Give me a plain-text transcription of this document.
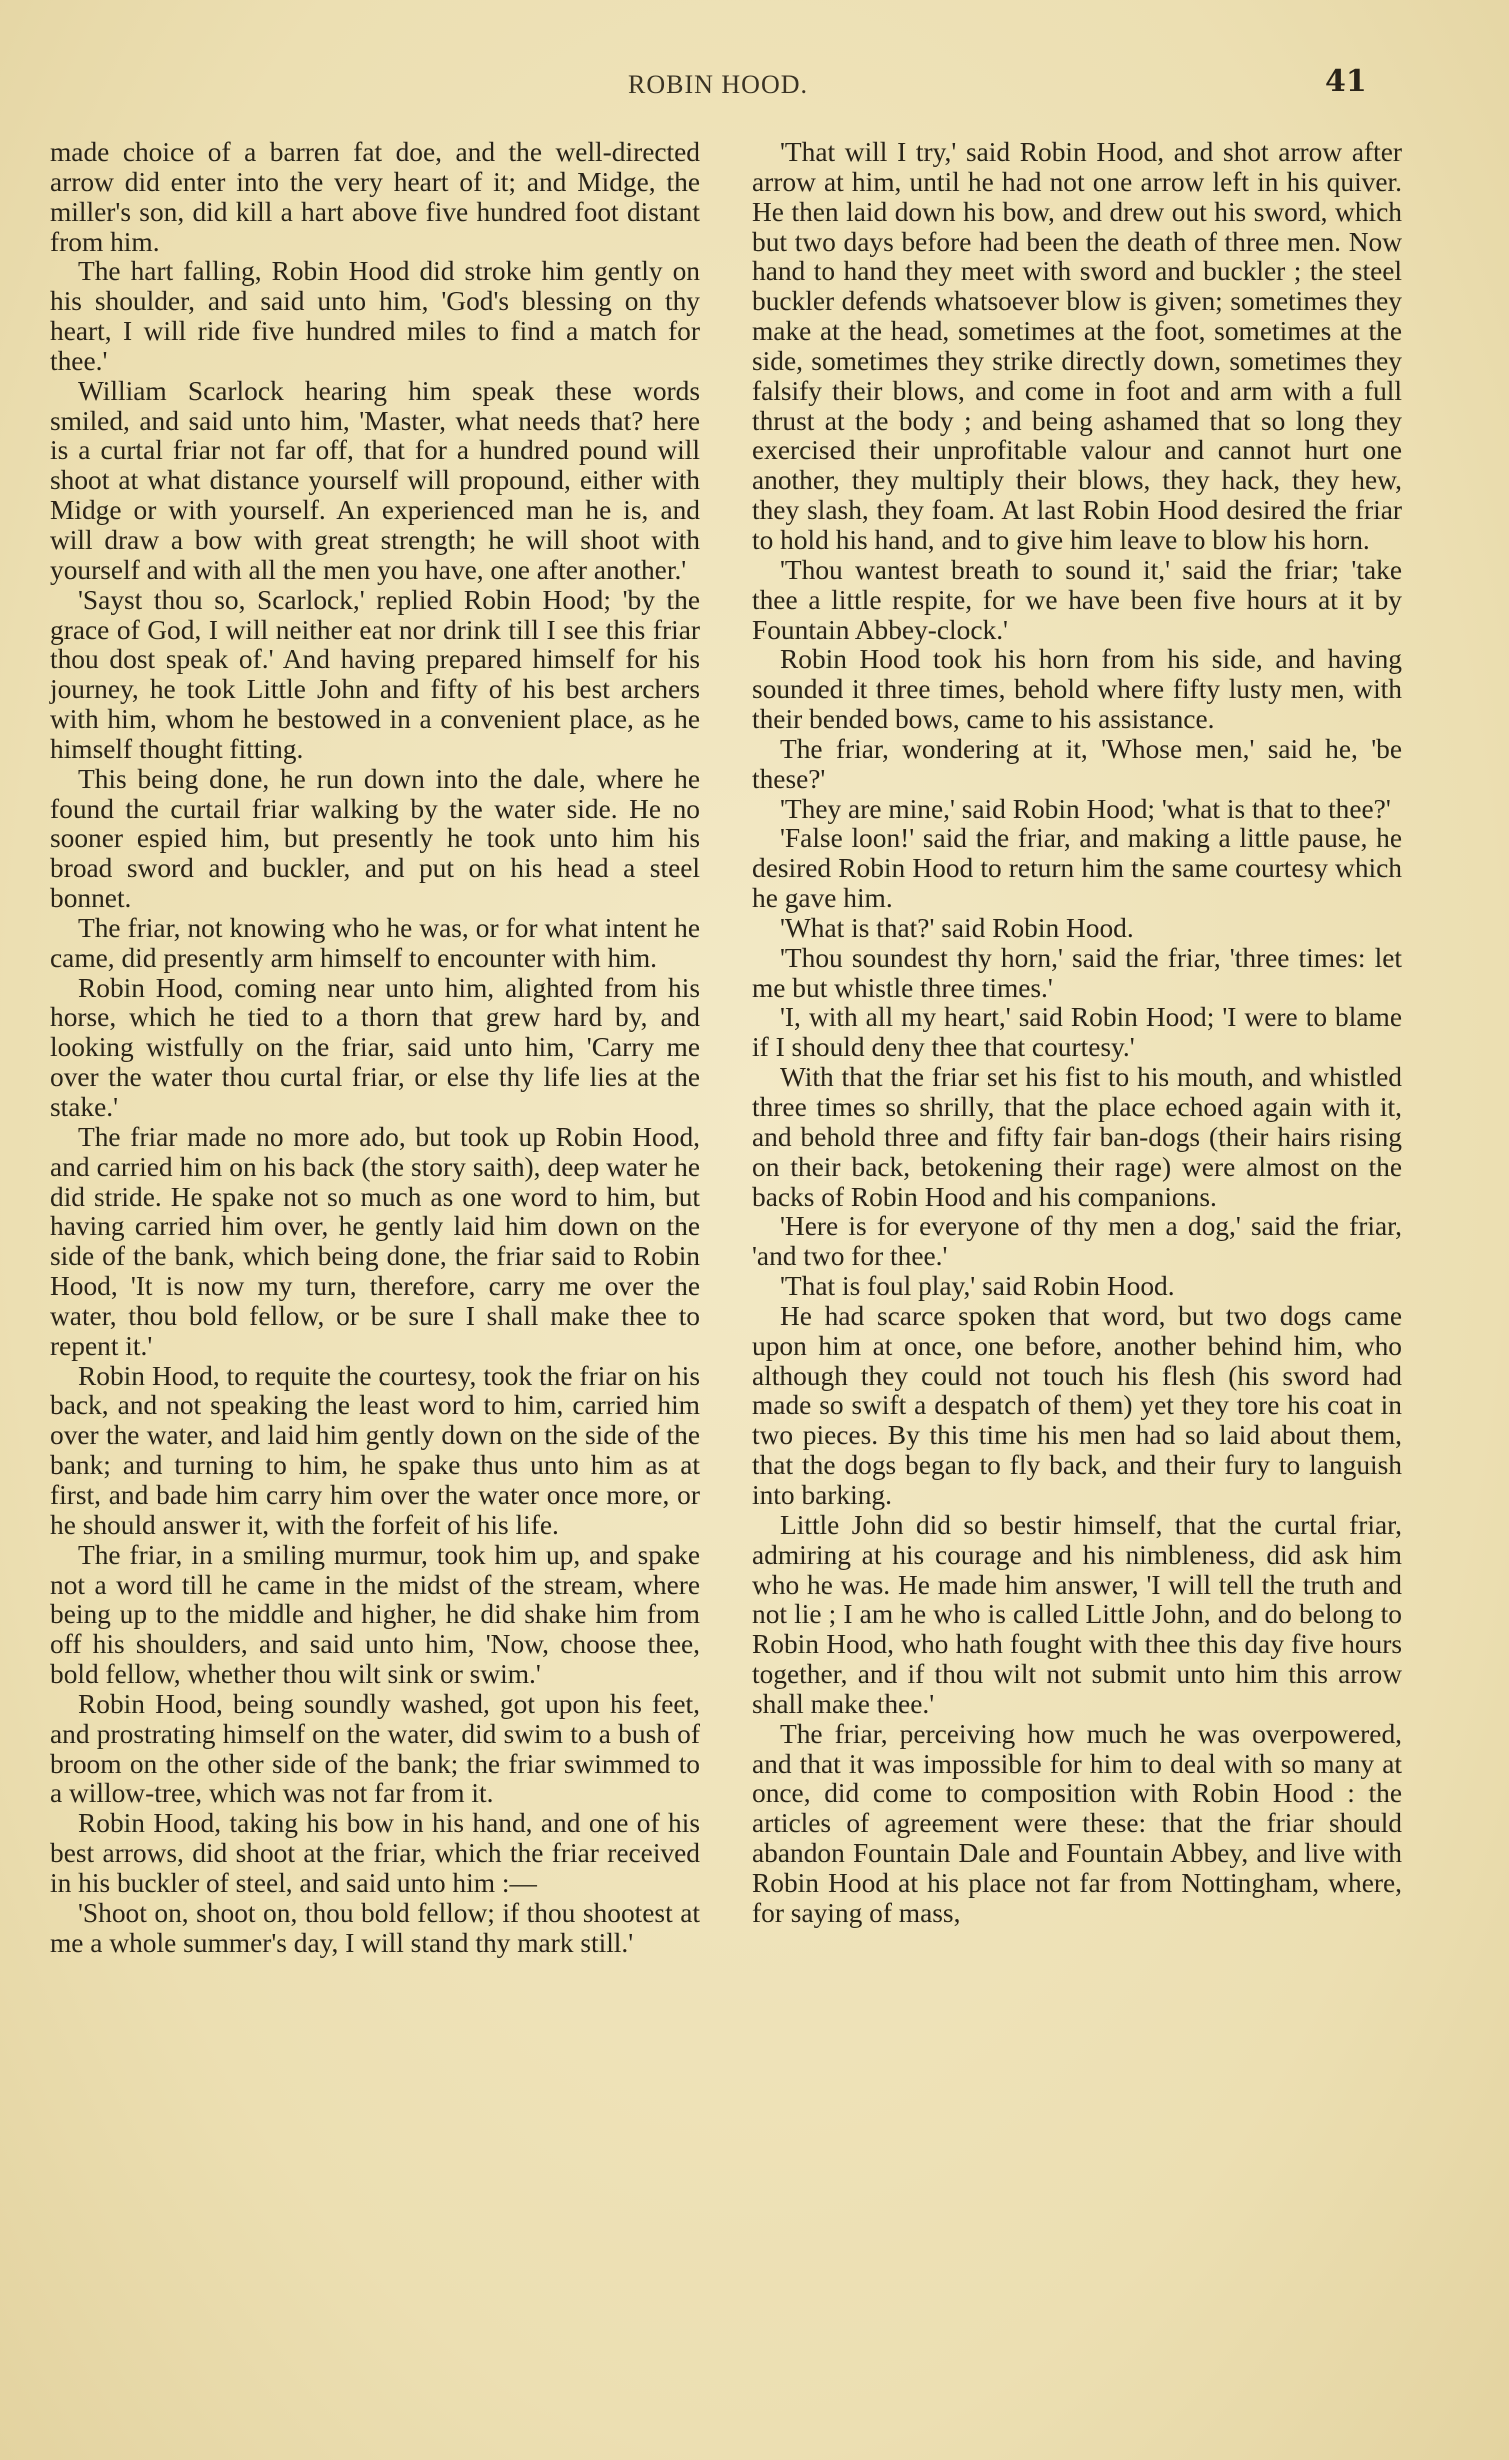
ROBIN HOOD.	41

made choice of a barren fat doe, and the well-directed arrow did enter into the very heart of it; and Midge, the miller's son, did kill a hart above five hundred foot distant from him.

The hart falling, Robin Hood did stroke him gently on his shoulder, and said unto him, 'God's blessing on thy heart, I will ride five hundred miles to find a match for thee.'

William Scarlock hearing him speak these words smiled, and said unto him, 'Master, what needs that? here is a curtal friar not far off, that for a hundred pound will shoot at what distance yourself will propound, either with Midge or with yourself. An experienced man he is, and will draw a bow with great strength; he will shoot with yourself and with all the men you have, one after another.'

'Sayst thou so, Scarlock,' replied Robin Hood; 'by the grace of God, I will neither eat nor drink till I see this friar thou dost speak of.' And having prepared himself for his journey, he took Little John and fifty of his best archers with him, whom he bestowed in a convenient place, as he himself thought fitting.

This being done, he run down into the dale, where he found the curtail friar walking by the water side. He no sooner espied him, but presently he took unto him his broad sword and buckler, and put on his head a steel bonnet.

The friar, not knowing who he was, or for what intent he came, did presently arm himself to encounter with him.

Robin Hood, coming near unto him, alighted from his horse, which he tied to a thorn that grew hard by, and looking wistfully on the friar, said unto him, 'Carry me over the water thou curtal friar, or else thy life lies at the stake.'

The friar made no more ado, but took up Robin Hood, and carried him on his back (the story saith), deep water he did stride. He spake not so much as one word to him, but having carried him over, he gently laid him down on the side of the bank, which being done, the friar said to Robin Hood, 'It is now my turn, therefore, carry me over the water, thou bold fellow, or be sure I shall make thee to repent it.'

Robin Hood, to requite the courtesy, took the friar on his back, and not speaking the least word to him, carried him over the water, and laid him gently down on the side of the bank; and turning to him, he spake thus unto him as at first, and bade him carry him over the water once more, or he should answer it, with the forfeit of his life.

The friar, in a smiling murmur, took him up, and spake not a word till he came in the midst of the stream, where being up to the middle and higher, he did shake him from off his shoulders, and said unto him, 'Now, choose thee, bold fellow, whether thou wilt sink or swim.'

Robin Hood, being soundly washed, got upon his feet, and prostrating himself on the water, did swim to a bush of broom on the other side of the bank; the friar swimmed to a willow-tree, which was not far from it.

Robin Hood, taking his bow in his hand, and one of his best arrows, did shoot at the friar, which the friar received in his buckler of steel, and said unto him :—

'Shoot on, shoot on, thou bold fellow; if thou shootest at me a whole summer's day, I will stand thy mark still.'

'That will I try,' said Robin Hood, and shot arrow after arrow at him, until he had not one arrow left in his quiver. He then laid down his bow, and drew out his sword, which but two days before had been the death of three men. Now hand to hand they meet with sword and buckler ; the steel buckler defends whatsoever blow is given; sometimes they make at the head, sometimes at the foot, sometimes at the side, sometimes they strike directly down, sometimes they falsify their blows, and come in foot and arm with a full thrust at the body ; and being ashamed that so long they exercised their unprofitable valour and cannot hurt one another, they multiply their blows, they hack, they hew, they slash, they foam. At last Robin Hood desired the friar to hold his hand, and to give him leave to blow his horn.

'Thou wantest breath to sound it,' said the friar; 'take thee a little respite, for we have been five hours at it by Fountain Abbey-clock.'

Robin Hood took his horn from his side, and having sounded it three times, behold where fifty lusty men, with their bended bows, came to his assistance.

The friar, wondering at it, 'Whose men,' said he, 'be these?'

'They are mine,' said Robin Hood; 'what is that to thee?'

'False loon!' said the friar, and making a little pause, he desired Robin Hood to return him the same courtesy which he gave him.

'What is that?' said Robin Hood.

'Thou soundest thy horn,' said the friar, 'three times: let me but whistle three times.'

'I, with all my heart,' said Robin Hood; 'I were to blame if I should deny thee that courtesy.'

With that the friar set his fist to his mouth, and whistled three times so shrilly, that the place echoed again with it, and behold three and fifty fair ban-dogs (their hairs rising on their back, betokening their rage) were almost on the backs of Robin Hood and his companions.

'Here is for everyone of thy men a dog,' said the friar, 'and two for thee.'

'That is foul play,' said Robin Hood.

He had scarce spoken that word, but two dogs came upon him at once, one before, another behind him, who although they could not touch his flesh (his sword had made so swift a despatch of them) yet they tore his coat in two pieces. By this time his men had so laid about them, that the dogs began to fly back, and their fury to languish into barking.

Little John did so bestir himself, that the curtal friar, admiring at his courage and his nimbleness, did ask him who he was. He made him answer, 'I will tell the truth and not lie ; I am he who is called Little John, and do belong to Robin Hood, who hath fought with thee this day five hours together, and if thou wilt not submit unto him this arrow shall make thee.'

The friar, perceiving how much he was overpowered, and that it was impossible for him to deal with so many at once, did come to composition with Robin Hood : the articles of agreement were these: that the friar should abandon Fountain Dale and Fountain Abbey, and live with Robin Hood at his place not far from Nottingham, where, for saying of mass,
